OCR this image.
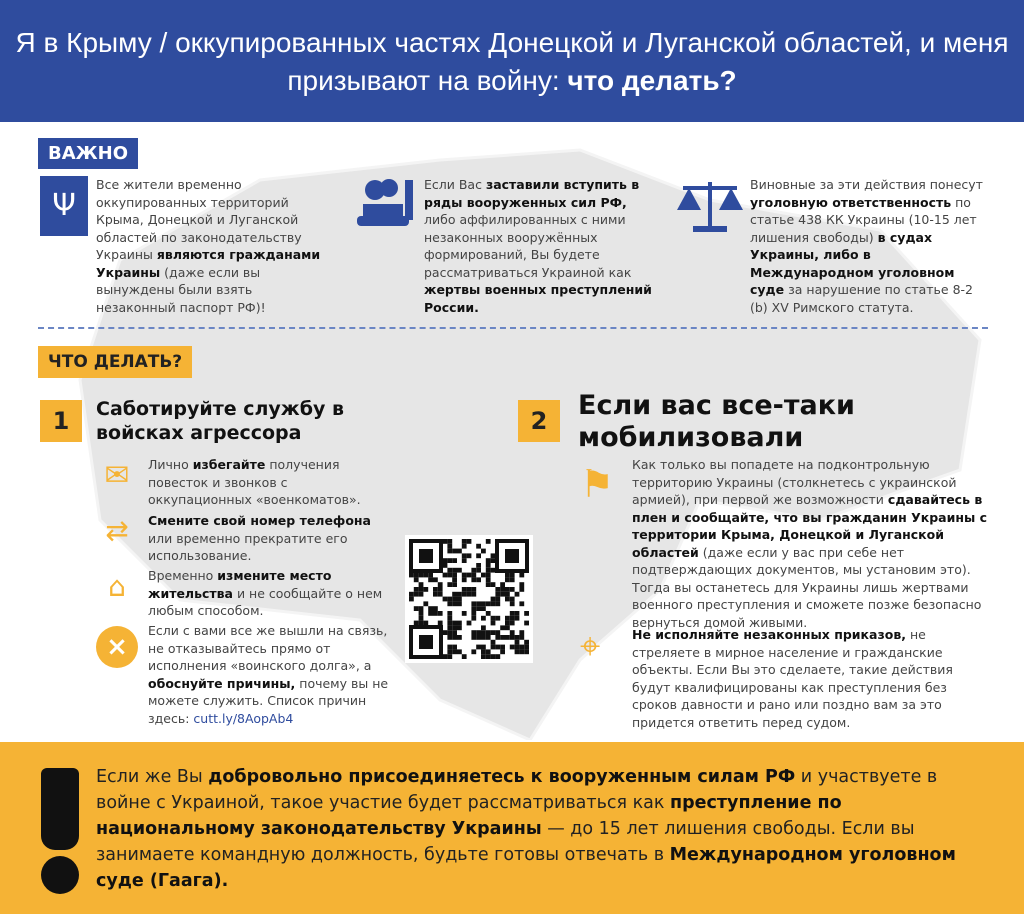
Я в Крыму / оккупированных частях Донецкой и Луганской областей, и меня призывают на войну: что делать?
ВАЖНО
Ψ
Все жители временно оккупированных территорий Крыма, Донецкой и Луганской областей по законодательству Украины являются гражданами Украины (даже если вы вынуждены были взять незаконный паспорт РФ)!
Если Вас заставили вступить в ряды вооруженных сил РФ, либо аффилированных с ними незаконных вооружённых формирований, Вы будете рассматриваться Украиной как жертвы военных преступлений России.
Виновные за эти действия понесут уголовную ответственность по статье 438 КК Украины (10-15 лет лишения свободы) в судах Украины, либо в Международном уголовном суде за нарушение по статье 8-2 (b) XV Римского статута.
ЧТО ДЕЛАТЬ?
1	Саботируйте службу в войсках агрессора
✉	Лично избегайте получения повесток и звонков с оккупационных «военкоматов».
⇄	Смените свой номер телефона или временно прекратите его использование.
⌂	Временно измените место жительства и не сообщайте о нем любым способом.
×
Если с вами все же вышли на связь, не отказывайтесь прямо от исполнения «воинского долга», а обоснуйте причины, почему вы не можете служить. Список причин здесь: cutt.ly/8AopAb4
2	Если вас все-таки мобилизовали
⚑	Как только вы попадете на подконтрольную территорию Украины (столкнетесь с украинской армией), при первой же возможности сдавайтесь в плен и сообщайте, что вы гражданин Украины с территории Крыма, Донецкой и Луганской областей (даже если у вас при себе нет подтверждающих документов, мы установим это). Тогда вы останетесь для Украины лишь жертвами военного преступления и сможете позже безопасно вернуться домой живыми.
⌖	Не исполняйте незаконных приказов, не стреляете в мирное население и гражданские объекты. Если Вы это сделаете, такие действия будут квалифицированы как преступления без сроков давности и рано или поздно вам за это придется ответить перед судом.
Если же Вы добровольно присоединяетесь к вооруженным силам РФ и участвуете в войне с Украиной, такое участие будет рассматриваться как преступление по национальному законодательству Украины — до 15 лет лишения свободы. Если вы занимаете командную должность, будьте готовы отвечать в Международном уголовном суде (Гаага).
